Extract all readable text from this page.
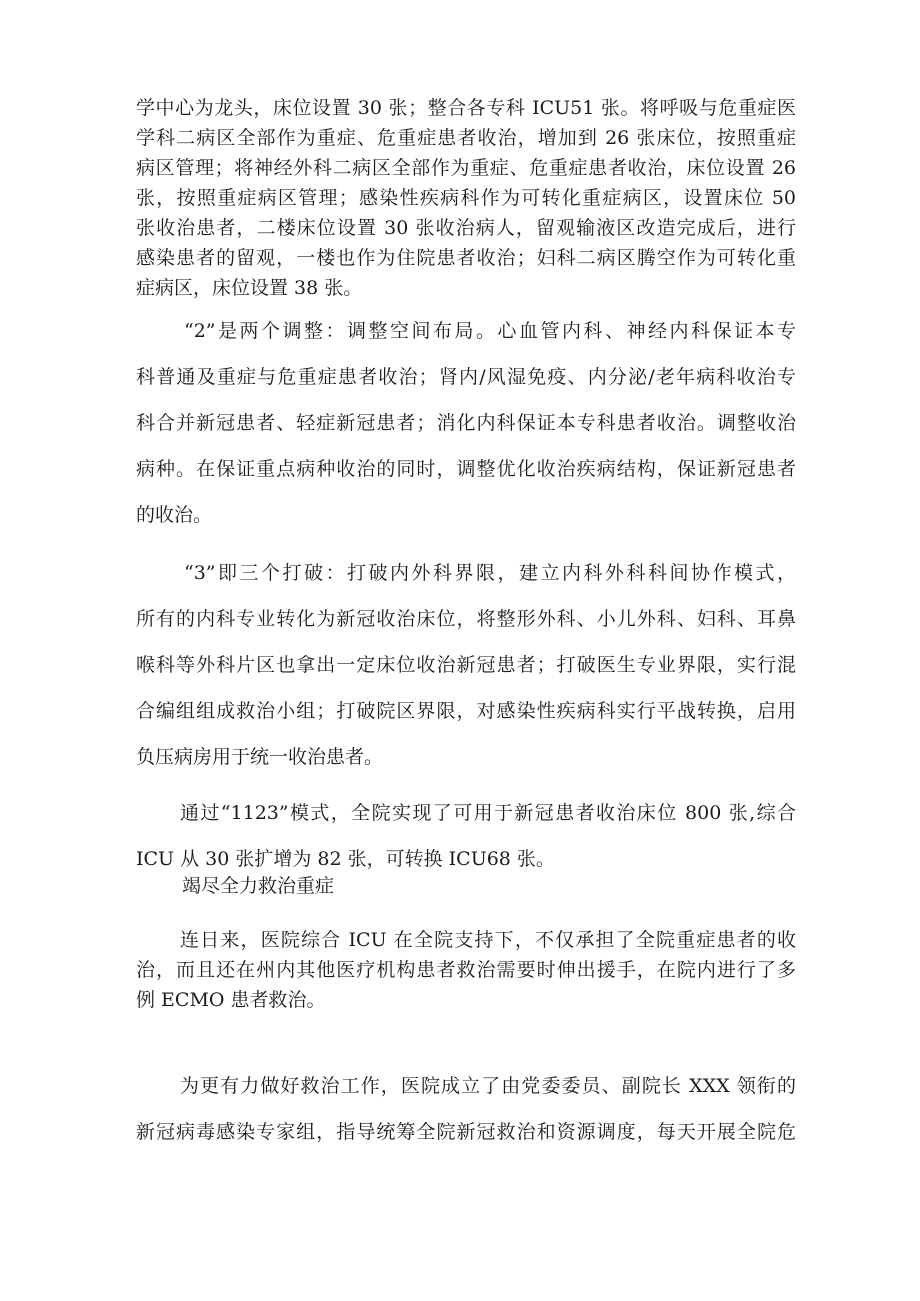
学中心为龙头，床位设置 30 张；整合各专科 ICU51 张。将呼吸与危重症医
学科二病区全部作为重症、危重症患者收治，增加到 26 张床位，按照重症
病区管理；将神经外科二病区全部作为重症、危重症患者收治，床位设置 26
张，按照重症病区管理；感染性疾病科作为可转化重症病区，设置床位 50
张收治患者，二楼床位设置 30 张收治病人，留观输液区改造完成后，进行
感染患者的留观，一楼也作为住院患者收治；妇科二病区腾空作为可转化重
症病区，床位设置 38 张。
“2”是两个调整：调整空间布局。心血管内科、神经内科保证本专
科普通及重症与危重症患者收治；肾内/风湿免疫、内分泌/老年病科收治专
科合并新冠患者、轻症新冠患者；消化内科保证本专科患者收治。调整收治
病种。在保证重点病种收治的同时，调整优化收治疾病结构，保证新冠患者
的收治。
“3”即三个打破：打破内外科界限，建立内科外科科间协作模式，
所有的内科专业转化为新冠收治床位，将整形外科、小儿外科、妇科、耳鼻
喉科等外科片区也拿出一定床位收治新冠患者；打破医生专业界限，实行混
合编组组成救治小组；打破院区界限，对感染性疾病科实行平战转换，启用
负压病房用于统一收治患者。
通过“1123”模式，全院实现了可用于新冠患者收治床位 800 张,综合
ICU 从 30 张扩增为 82 张，可转换 ICU68 张。

竭尽全力救治重症

连日来，医院综合 ICU 在全院支持下，不仅承担了全院重症患者的收
治，而且还在州内其他医疗机构患者救治需要时伸出援手，在院内进行了多
例 ECMO 患者救治。
为更有力做好救治工作，医院成立了由党委委员、副院长 XXX 领衔的
新冠病毒感染专家组，指导统筹全院新冠救治和资源调度，每天开展全院危
